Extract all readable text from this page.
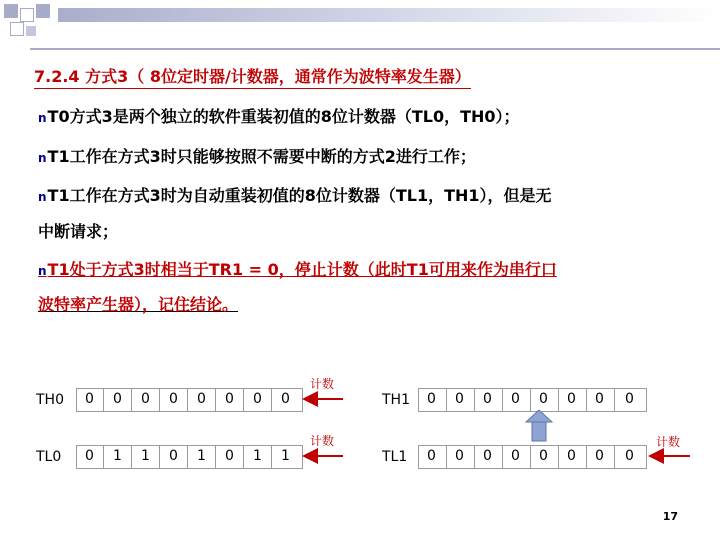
7.2.4 方式3（ 8位定时器/计数器，通常作为波特率发生器）
nT0方式3是两个独立的软件重装初值的8位计数器（TL0，TH0）；
nT1工作在方式3时只能够按照不需要中断的方式2进行工作；
nT1工作在方式3时为自动重装初值的8位计数器（TL1，TH1），但是无
中断请求；
nT1处于方式3时相当于TR1 = 0，停止计数（此时T1可用来作为串行口
波特率产生器），记住结论。
TH0	0	0	0	0	0	0	0	0
TL0	0	1	1	0	1	0	1	1
TH1	0	0	0	0	0	0	0	0
TL1	0	0	0	0	0	0	0	0
计数
计数	计数
17
